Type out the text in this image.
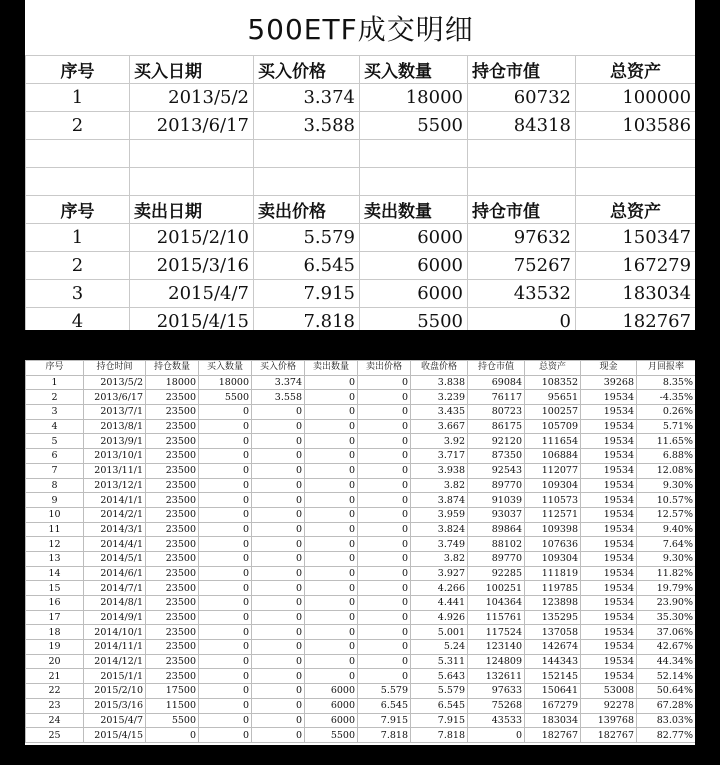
500ETF成交明细					
序号	买入日期	买入价格	买入数量	持仓市值	总资产
1	2013/5/2	3.374	18000	60732	100000
2	2013/6/17	3.588	5500	84318	103586

序号	卖出日期	卖出价格	卖出数量	持仓市值	总资产
1	2015/2/10	5.579	6000	97632	150347
2	2015/3/16	6.545	6000	75267	167279
3	2015/4/7	7.915	6000	43532	183034
4	2015/4/15	7.818	5500	0	182767
序号	持仓时间	持仓数量	买入数量	买入价格	卖出数量	卖出价格	收盘价格	持仓市值	总资产	现金	月回报率
1	2013/5/2	18000	18000	3.374	0	0	3.838	69084	108352	39268	8.35%
2	2013/6/17	23500	5500	3.558	0	0	3.239	76117	95651	19534	-4.35%
3	2013/7/1	23500	0	0	0	0	3.435	80723	100257	19534	0.26%
4	2013/8/1	23500	0	0	0	0	3.667	86175	105709	19534	5.71%
5	2013/9/1	23500	0	0	0	0	3.92	92120	111654	19534	11.65%
6	2013/10/1	23500	0	0	0	0	3.717	87350	106884	19534	6.88%
7	2013/11/1	23500	0	0	0	0	3.938	92543	112077	19534	12.08%
8	2013/12/1	23500	0	0	0	0	3.82	89770	109304	19534	9.30%
9	2014/1/1	23500	0	0	0	0	3.874	91039	110573	19534	10.57%
10	2014/2/1	23500	0	0	0	0	3.959	93037	112571	19534	12.57%
11	2014/3/1	23500	0	0	0	0	3.824	89864	109398	19534	9.40%
12	2014/4/1	23500	0	0	0	0	3.749	88102	107636	19534	7.64%
13	2014/5/1	23500	0	0	0	0	3.82	89770	109304	19534	9.30%
14	2014/6/1	23500	0	0	0	0	3.927	92285	111819	19534	11.82%
15	2014/7/1	23500	0	0	0	0	4.266	100251	119785	19534	19.79%
16	2014/8/1	23500	0	0	0	0	4.441	104364	123898	19534	23.90%
17	2014/9/1	23500	0	0	0	0	4.926	115761	135295	19534	35.30%
18	2014/10/1	23500	0	0	0	0	5.001	117524	137058	19534	37.06%
19	2014/11/1	23500	0	0	0	0	5.24	123140	142674	19534	42.67%
20	2014/12/1	23500	0	0	0	0	5.311	124809	144343	19534	44.34%
21	2015/1/1	23500	0	0	0	0	5.643	132611	152145	19534	52.14%
22	2015/2/10	17500	0	0	6000	5.579	5.579	97633	150641	53008	50.64%
23	2015/3/16	11500	0	0	6000	6.545	6.545	75268	167279	92278	67.28%
24	2015/4/7	5500	0	0	6000	7.915	7.915	43533	183034	139768	83.03%
25	2015/4/15	0	0	0	5500	7.818	7.818	0	182767	182767	82.77%
